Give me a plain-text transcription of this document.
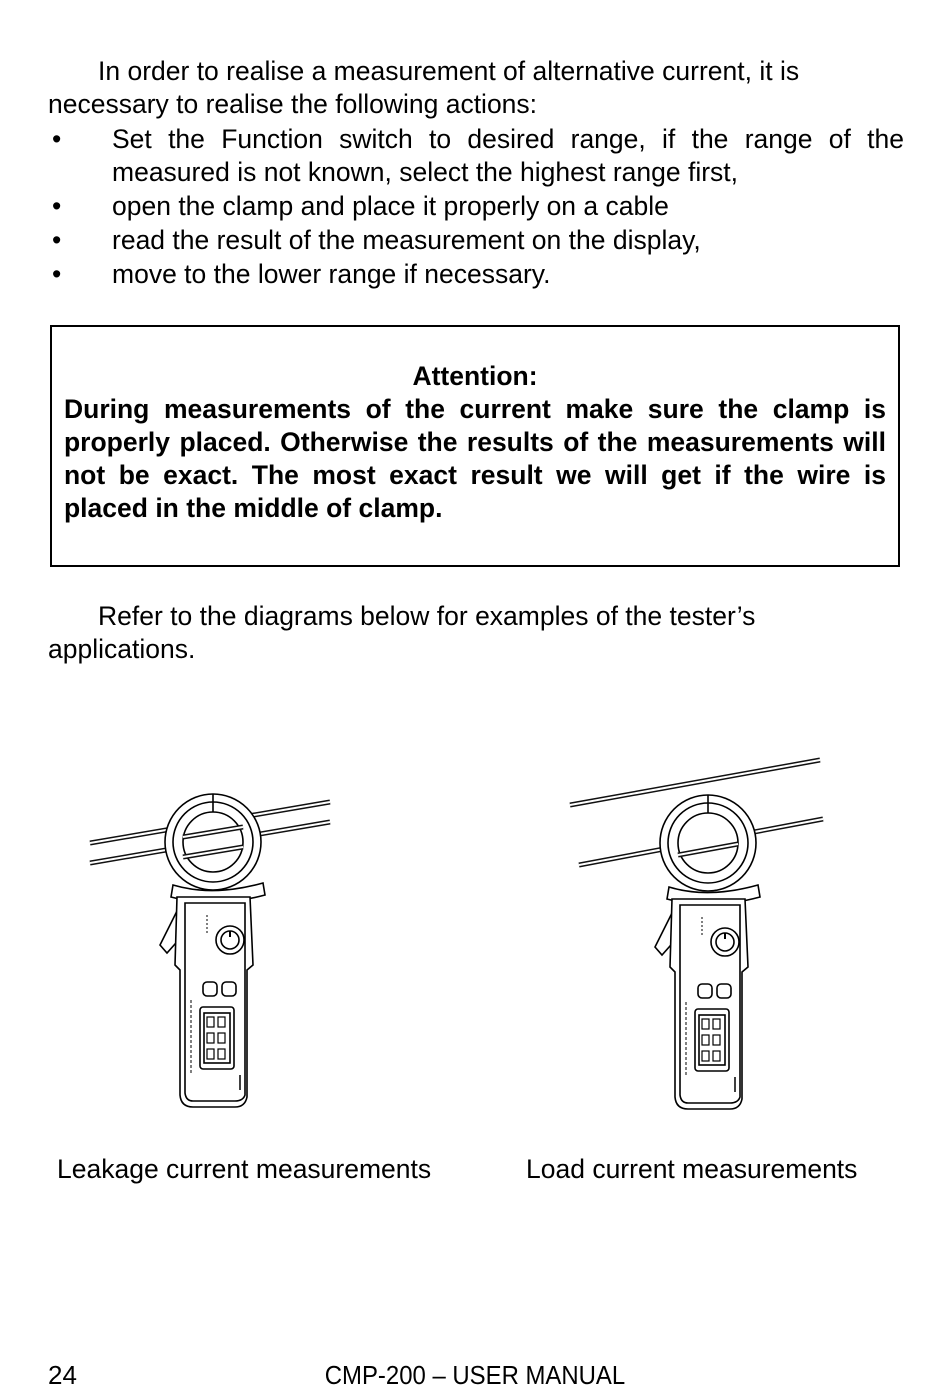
In order to realise a measurement of alternative current, it is necessary to realise the following actions:

• Set the Function switch to desired range, if the range of the measured is not known, select the highest range first,
• open the clamp and place it properly on a cable
• read the result of the measurement on the display,
• move to the lower range if necessary.

Attention:

During measurements of the current make sure the clamp is properly placed. Otherwise the results of the measurements will not be exact. The most exact result we will get if the wire is placed in the middle of clamp.

Refer to the diagrams below for examples of the tester’s applications.

Leakage current measurements	Load current measurements
24	CMP-200 – USER MANUAL
